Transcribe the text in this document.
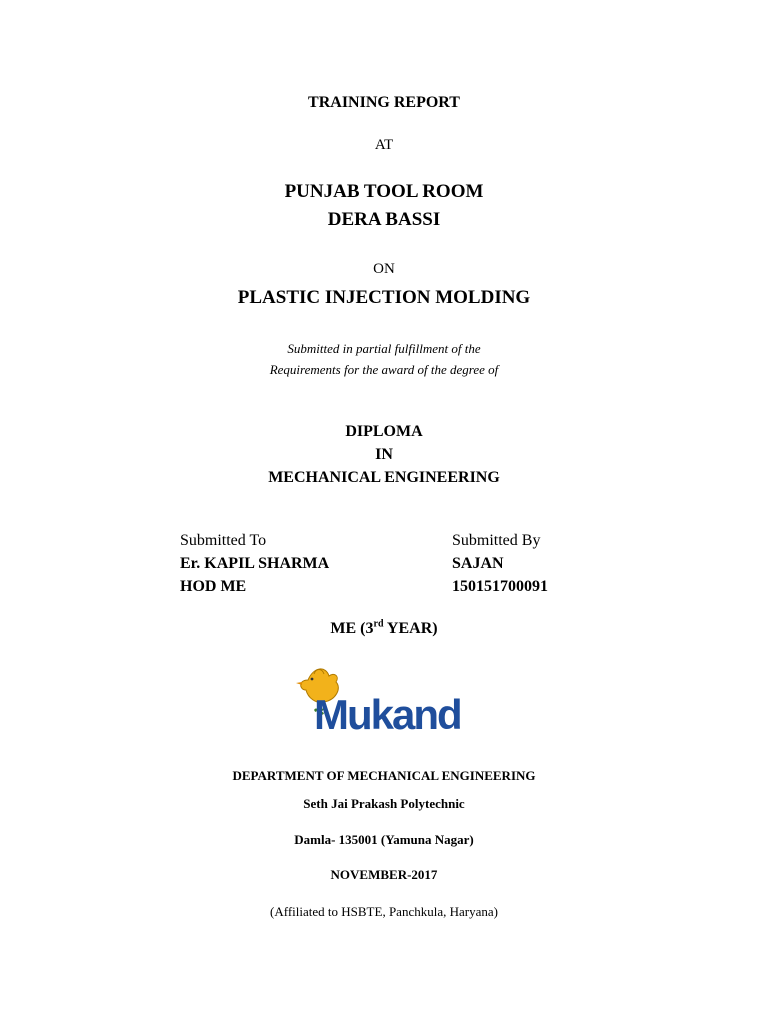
TRAINING REPORT
AT
PUNJAB TOOL ROOM
DERA BASSI
ON
PLASTIC INJECTION MOLDING
Submitted in partial fulfillment of the
Requirements for the award of the degree of
DIPLOMA
IN
MECHANICAL ENGINEERING
Submitted To
Er. KAPIL SHARMA
HOD ME
Submitted By
SAJAN
150151700091
ME (3rd YEAR)
Mukand
DEPARTMENT OF MECHANICAL ENGINEERING
Seth Jai Prakash Polytechnic
Damla- 135001 (Yamuna Nagar)
NOVEMBER-2017
(Affiliated to HSBTE, Panchkula, Haryana)
